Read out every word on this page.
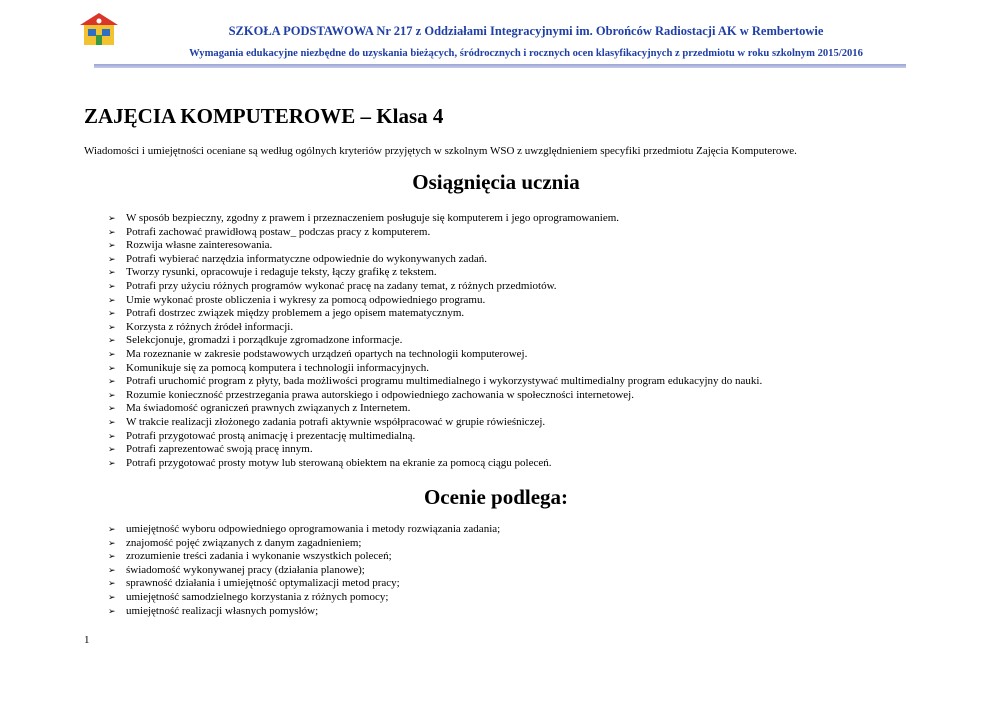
SZKOŁA PODSTAWOWA Nr 217 z Oddziałami Integracyjnymi im. Obrońców Radiostacji AK w Rembertowie
Wymagania edukacyjne niezbędne do uzyskania bieżących, śródrocznych i rocznych ocen klasyfikacyjnych z przedmiotu w roku szkolnym 2015/2016
ZAJĘCIA KOMPUTEROWE – Klasa 4
Wiadomości i umiejętności oceniane są według ogólnych kryteriów przyjętych w szkolnym WSO z uwzględnieniem specyfiki przedmiotu Zajęcia Komputerowe.
Osiągnięcia ucznia
➢ W sposób bezpieczny, zgodny z prawem i przeznaczeniem posługuje się komputerem i jego oprogramowaniem.
➢ Potrafi zachować prawidłową postaw_ podczas pracy z komputerem.
➢ Rozwija własne zainteresowania.
➢ Potrafi wybierać narzędzia informatyczne odpowiednie do wykonywanych zadań.
➢ Tworzy rysunki, opracowuje i redaguje teksty, łączy grafikę z tekstem.
➢ Potrafi przy użyciu różnych programów wykonać pracę na zadany temat, z różnych przedmiotów.
➢ Umie wykonać proste obliczenia i wykresy za pomocą odpowiedniego programu.
➢ Potrafi dostrzec związek między problemem a jego opisem matematycznym.
➢ Korzysta z różnych źródeł informacji.
➢ Selekcjonuje, gromadzi i porządkuje zgromadzone informacje.
➢ Ma rozeznanie w zakresie podstawowych urządzeń opartych na technologii komputerowej.
➢ Komunikuje się za pomocą komputera i technologii informacyjnych.
➢ Potrafi uruchomić program z płyty, bada możliwości programu multimedialnego i wykorzystywać multimedialny program edukacyjny do nauki.
➢ Rozumie konieczność przestrzegania prawa autorskiego i odpowiedniego zachowania w społeczności internetowej.
➢ Ma świadomość ograniczeń prawnych związanych z Internetem.
➢ W trakcie realizacji złożonego zadania potrafi aktywnie współpracować w grupie rówieśniczej.
➢ Potrafi przygotować prostą animację i prezentację multimedialną.
➢ Potrafi zaprezentować swoją pracę innym.
➢ Potrafi przygotować prosty motyw lub sterowaną obiektem na ekranie za pomocą ciągu poleceń.
Ocenie podlega:
➢ umiejętność wyboru odpowiedniego oprogramowania i metody rozwiązania zadania;
➢ znajomość pojęć związanych z danym zagadnieniem;
➢ zrozumienie treści zadania i wykonanie wszystkich poleceń;
➢ świadomość wykonywanej pracy (działania planowe);
➢ sprawność działania i umiejętność optymalizacji metod pracy;
➢ umiejętność samodzielnego korzystania z różnych pomocy;
➢ umiejętność realizacji własnych pomysłów;
1
